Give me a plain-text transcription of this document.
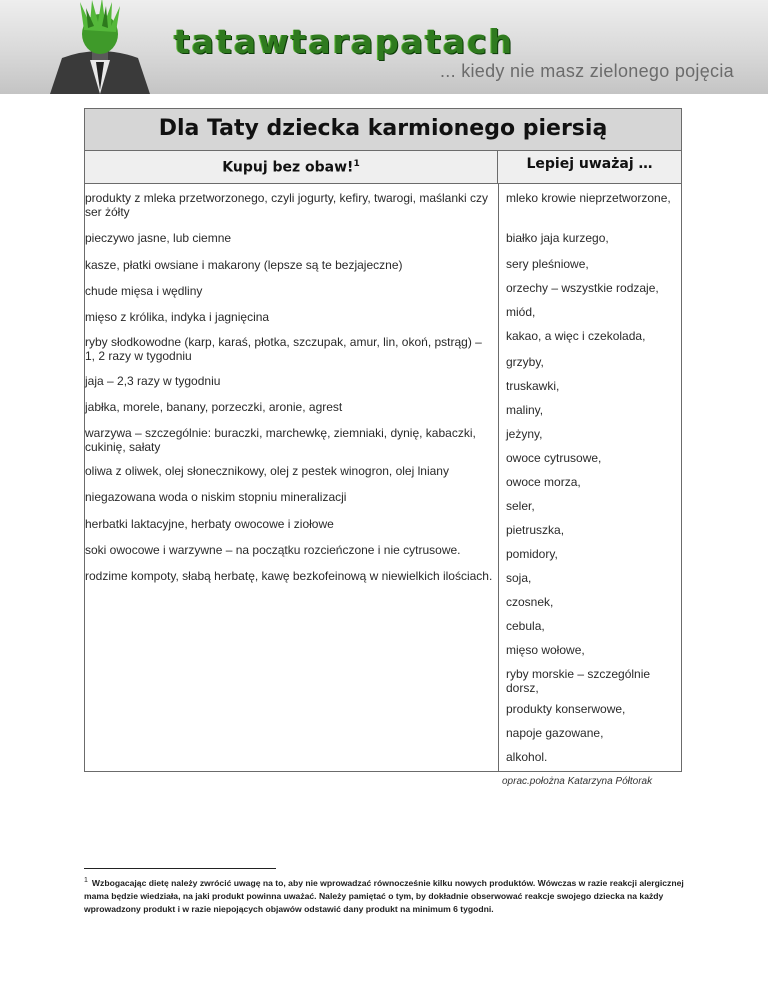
tatawtarapatach
... kiedy nie masz zielonego pojęcia
Dla Taty dziecka karmionego piersią
Kupuj bez obaw!$^1$	Lepiej uważaj …
produkty z mleka przetworzonego, czyli jogurty, kefiry, twarogi, maślanki czy ser żółty
pieczywo jasne, lub ciemne
kasze, płatki owsiane i makarony (lepsze są te bezjajeczne)
chude mięsa i wędliny
mięso z królika, indyka i jagnięcina
ryby słodkowodne (karp, karaś, płotka, szczupak, amur, lin, okoń, pstrąg) – 1, 2 razy w tygodniu
jaja – 2,3 razy w tygodniu
jabłka, morele, banany, porzeczki, aronie, agrest
warzywa – szczególnie: buraczki, marchewkę, ziemniaki, dynię, kabaczki, cukinię, sałaty
oliwa z oliwek, olej słonecznikowy, olej z pestek winogron, olej lniany
niegazowana woda o niskim stopniu mineralizacji
herbatki laktacyjne, herbaty owocowe i ziołowe
soki owocowe i warzywne – na początku rozcieńczone i nie cytrusowe.
rodzime kompoty, słabą herbatę, kawę bezkofeinową w niewielkich ilościach.
mleko krowie nieprzetworzone,
białko jaja kurzego,
sery pleśniowe,
orzechy – wszystkie rodzaje,
miód,
kakao, a więc i czekolada,
grzyby,
truskawki,
maliny,
jeżyny,
owoce cytrusowe,
owoce morza,
seler,
pietruszka,
pomidory,
soja,
czosnek,
cebula,
mięso wołowe,
ryby morskie – szczególnie dorsz,
produkty konserwowe,
napoje gazowane,
alkohol.
oprac.położna Katarzyna Półtorak
$^1$ Wzbogacając dietę należy zwrócić uwagę na to, aby nie wprowadzać równocześnie kilku nowych produktów. Wówczas w razie reakcji alergicznej mama będzie wiedziała, na jaki produkt powinna uważać. Należy pamiętać o tym, by dokładnie obserwować reakcje swojego dziecka na każdy wprowadzony produkt i w razie niepojących objawów odstawić dany produkt na minimum 6 tygodni.
